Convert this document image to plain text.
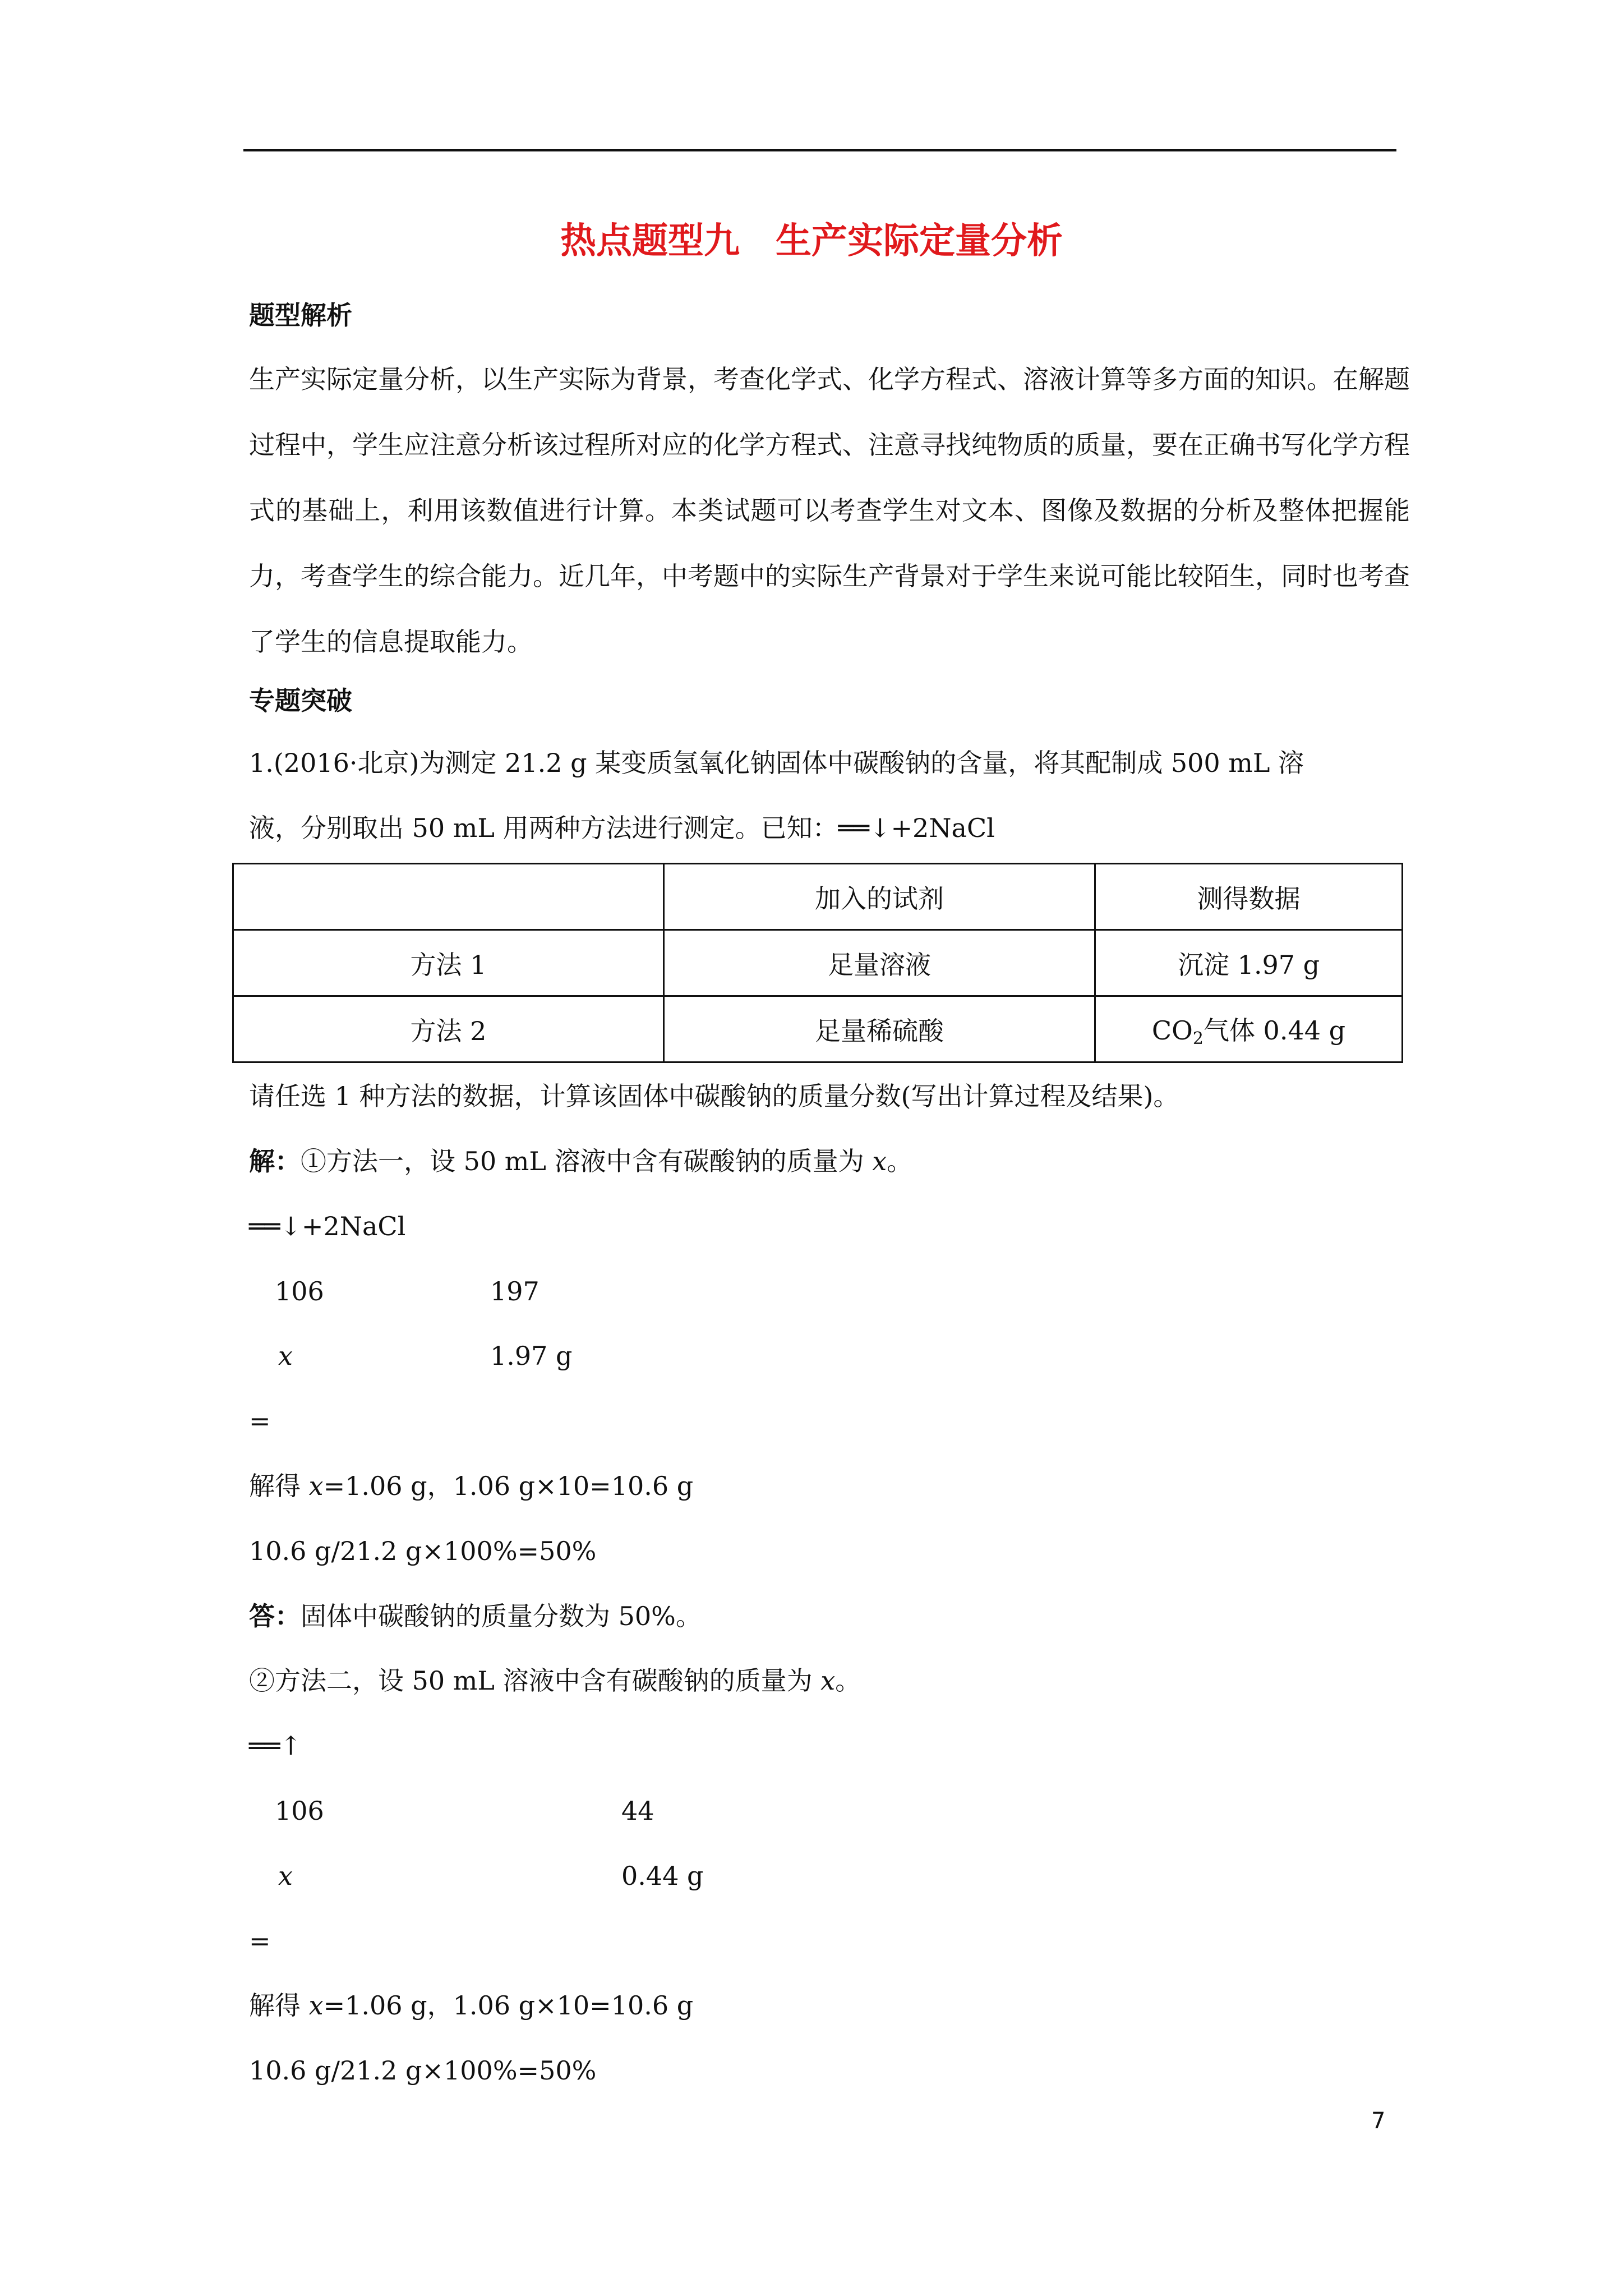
热点题型九　生产实际定量分析
题型解析
生产实际定量分析，以生产实际为背景，考查化学式、化学方程式、溶液计算等多方面的知识。在解题过程中，学生应注意分析该过程所对应的化学方程式、注意寻找纯物质的质量，要在正确书写化学方程式的基础上，利用该数值进行计算。本类试题可以考查学生对文本、图像及数据的分析及整体把握能力，考查学生的综合能力。近几年，中考题中的实际生产背景对于学生来说可能比较陌生，同时也考查了学生的信息提取能力。
专题突破
1.(2016·北京)为测定 21.2 g 某变质氢氧化钠固体中碳酸钠的含量，将其配制成 500 mL 溶
液，分别取出 50 mL 用两种方法进行测定。已知：══↓+2NaCl
	加入的试剂	测得数据
方法 1	足量溶液	沉淀 1.97 g
方法 2	足量稀硫酸	$CO_2$气体 0.44 g
请任选 1 种方法的数据，计算该固体中碳酸钠的质量分数(写出计算过程及结果)。
解：①方法一，设 50 mL 溶液中含有碳酸钠的质量为 x。
══↓+2NaCl
106	197
x	1.97 g
=
解得 x=1.06 g，1.06 g×10=10.6 g
10.6 g/21.2 g×100%=50%
答：固体中碳酸钠的质量分数为 50%。
②方法二，设 50 mL 溶液中含有碳酸钠的质量为 x。
══↑
106	44
x	0.44 g
=
解得 x=1.06 g，1.06 g×10=10.6 g
10.6 g/21.2 g×100%=50%
7
